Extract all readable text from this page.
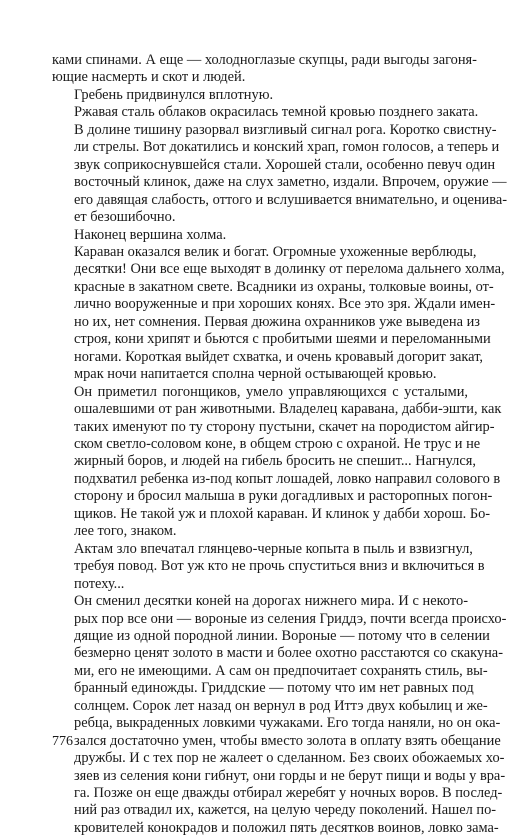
ками спинами. А еще — холодноглазые скупцы, ради выгоды загоня-
ющие насмерть и скот и людей.

Гребень придвинулся вплотную.

Ржавая сталь облаков окрасилась темной кровью позднего заката.
В долине тишину разорвал визгливый сигнал рога. Коротко свистну-
ли стрелы. Вот докатились и конский храп, гомон голосов, а теперь и
звук соприкоснувшейся стали. Хорошей стали, особенно певуч один
восточный клинок, даже на слух заметно, издали. Впрочем, оружие —
его давящая слабость, оттого и вслушивается внимательно, и оценива-
ет безошибочно.

Наконец вершина холма.

Караван оказался велик и богат. Огромные ухоженные верблюды,
десятки! Они все еще выходят в долинку от перелома дальнего холма,
красные в закатном свете. Всадники из охраны, толковые воины, от-
лично вооруженные и при хороших конях. Все это зря. Ждали имен-
но их, нет сомнения. Первая дюжина охранников уже выведена из
строя, кони хрипят и бьются с пробитыми шеями и переломанными
ногами. Короткая выйдет схватка, и очень кровавый догорит закат,
мрак ночи напитается сполна черной остывающей кровью.

Он приметил погонщиков, умело управляющихся с усталыми,
ошалевшими от ран животными. Владелец каравана, дабби-эшти, как
таких именуют по ту сторону пустыни, скачет на породистом айгир-
ском светло-соловом коне, в общем строю с охраной. Не трус и не
жирный боров, и людей на гибель бросить не спешит... Нагнулся,
подхватил ребенка из-под копыт лошадей, ловко направил солового в
сторону и бросил малыша в руки догадливых и расторопных погон-
щиков. Не такой уж и плохой караван. И клинок у дабби хорош. Бо-
лее того, знаком.

Актам зло впечатал глянцево-черные копыта в пыль и взвизгнул,
требуя повод. Вот уж кто не прочь спуститься вниз и включиться в
потеху...

Он сменил десятки коней на дорогах нижнего мира. И с некото-
рых пор все они — вороные из селения Гриддэ, почти всегда происхо-
дящие из одной породной линии. Вороные — потому что в селении
безмерно ценят золото в масти и более охотно расстаются со скакуна-
ми, его не имеющими. А сам он предпочитает сохранять стиль, вы-
бранный единожды. Гриддские — потому что им нет равных под
солнцем. Сорок лет назад он вернул в род Иттэ двух кобылиц и же-
ребца, выкраденных ловкими чужаками. Его тогда наняли, но он ока-
зался достаточно умен, чтобы вместо золота в оплату взять обещание
дружбы. И с тех пор не жалеет о сделанном. Без своих обожаемых хо-
зяев из селения кони гибнут, они горды и не берут пищи и воды у вра-
га. Позже он еще дважды отбирал жеребят у ночных воров. В послед-
ний раз отвадил их, кажется, на целую череду поколений. Нашел по-
кровителей конокрадов и положил пять десятков воинов, ловко зама-

776
